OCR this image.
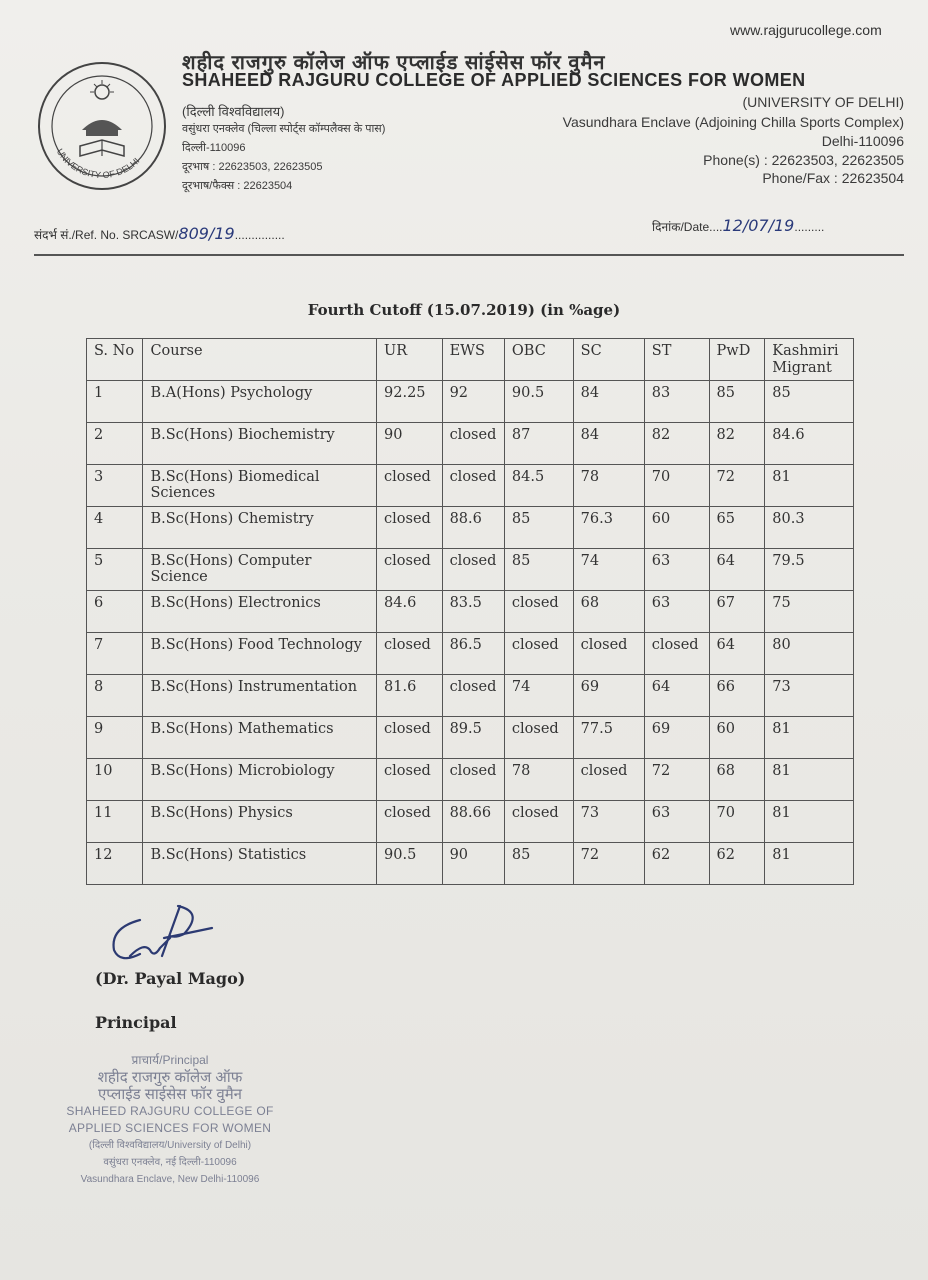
UNIVERSITY OF DELHI
www.rajgurucollege.com
शहीद राजगुरु कॉलेज ऑफ एप्लाईड सांईसेस फॉर वुमैन
SHAHEED RAJGURU COLLEGE OF APPLIED SCIENCES FOR WOMEN
(दिल्ली विश्वविद्यालय)
वसुंधरा एनक्लेव (चिल्ला स्पोर्ट्स कॉम्पलैक्स के पास)
दिल्ली-110096
दूरभाष : 22623503, 22623505
दूरभाष/फैक्स : 22623504
(UNIVERSITY OF DELHI)
Vasundhara Enclave (Adjoining Chilla Sports Complex)
Delhi-110096
Phone(s) : 22623503, 22623505
Phone/Fax : 22623504
संदर्भ सं./Ref. No. SRCASW/809/19...............
दिनांक/Date....12/07/19.........
Fourth Cutoff (15.07.2019) (in %age)
S. No	Course	UR	EWS	OBC	SC	ST	PwD	Kashmiri Migrant
1	B.A(Hons) Psychology	92.25	92	90.5	84	83	85	85
2	B.Sc(Hons) Biochemistry	90	closed	87	84	82	82	84.6
3	B.Sc(Hons) Biomedical Sciences	closed	closed	84.5	78	70	72	81
4	B.Sc(Hons) Chemistry	closed	88.6	85	76.3	60	65	80.3
5	B.Sc(Hons) Computer Science	closed	closed	85	74	63	64	79.5
6	B.Sc(Hons) Electronics	84.6	83.5	closed	68	63	67	75
7	B.Sc(Hons) Food Technology	closed	86.5	closed	closed	closed	64	80
8	B.Sc(Hons) Instrumentation	81.6	closed	74	69	64	66	73
9	B.Sc(Hons) Mathematics	closed	89.5	closed	77.5	69	60	81
10	B.Sc(Hons) Microbiology	closed	closed	78	closed	72	68	81
11	B.Sc(Hons) Physics	closed	88.66	closed	73	63	70	81
12	B.Sc(Hons) Statistics	90.5	90	85	72	62	62	81
(Dr. Payal Mago)
Principal
प्राचार्य/Principal
शहीद राजगुरु कॉलेज ऑफ
एप्लाईड साईसेस फॉर वुमैन
SHAHEED RAJGURU COLLEGE OF
APPLIED SCIENCES FOR WOMEN
(दिल्ली विश्वविद्यालय/University of Delhi)
वसुंधरा एनक्लेव, नई दिल्ली-110096
Vasundhara Enclave, New Delhi-110096
